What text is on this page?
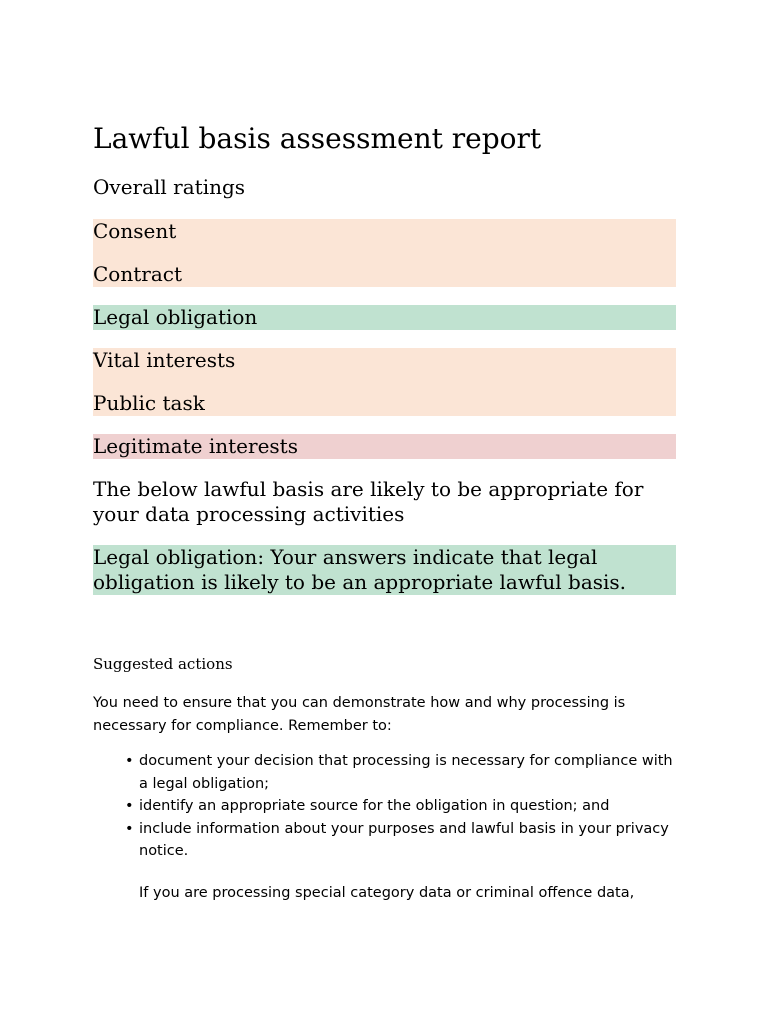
Lawful basis assessment report
Overall ratings
Consent
Contract
Legal obligation
Vital interests
Public task
Legitimate interests

The below lawful basis are likely to be appropriate for your data processing activities

Legal obligation: Your answers indicate that legal obligation is likely to be an appropriate lawful basis.

Suggested actions

You need to ensure that you can demonstrate how and why processing is necessary for compliance. Remember to:

• document your decision that processing is necessary for compliance with a legal obligation;
• identify an appropriate source for the obligation in question; and
• include information about your purposes and lawful basis in your privacy notice.

If you are processing special category data or criminal offence data,
